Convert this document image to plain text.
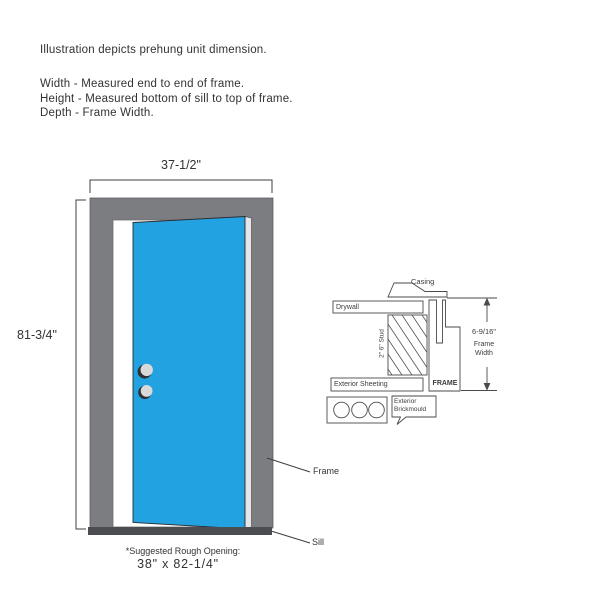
Illustration depicts prehung unit dimension.
Width - Measured end to end of frame.
Height - Measured bottom of sill to top of frame.
Depth - Frame Width.
37-1/2"
81-3/4"
Frame
Sill
*Suggested Rough Opening:
38" x 82-1/4"
Casing
Drywall
2" 6" Stud
Exterior Sheeting	FRAME
Exterior Brickmould
6-9/16"
Frame Width
